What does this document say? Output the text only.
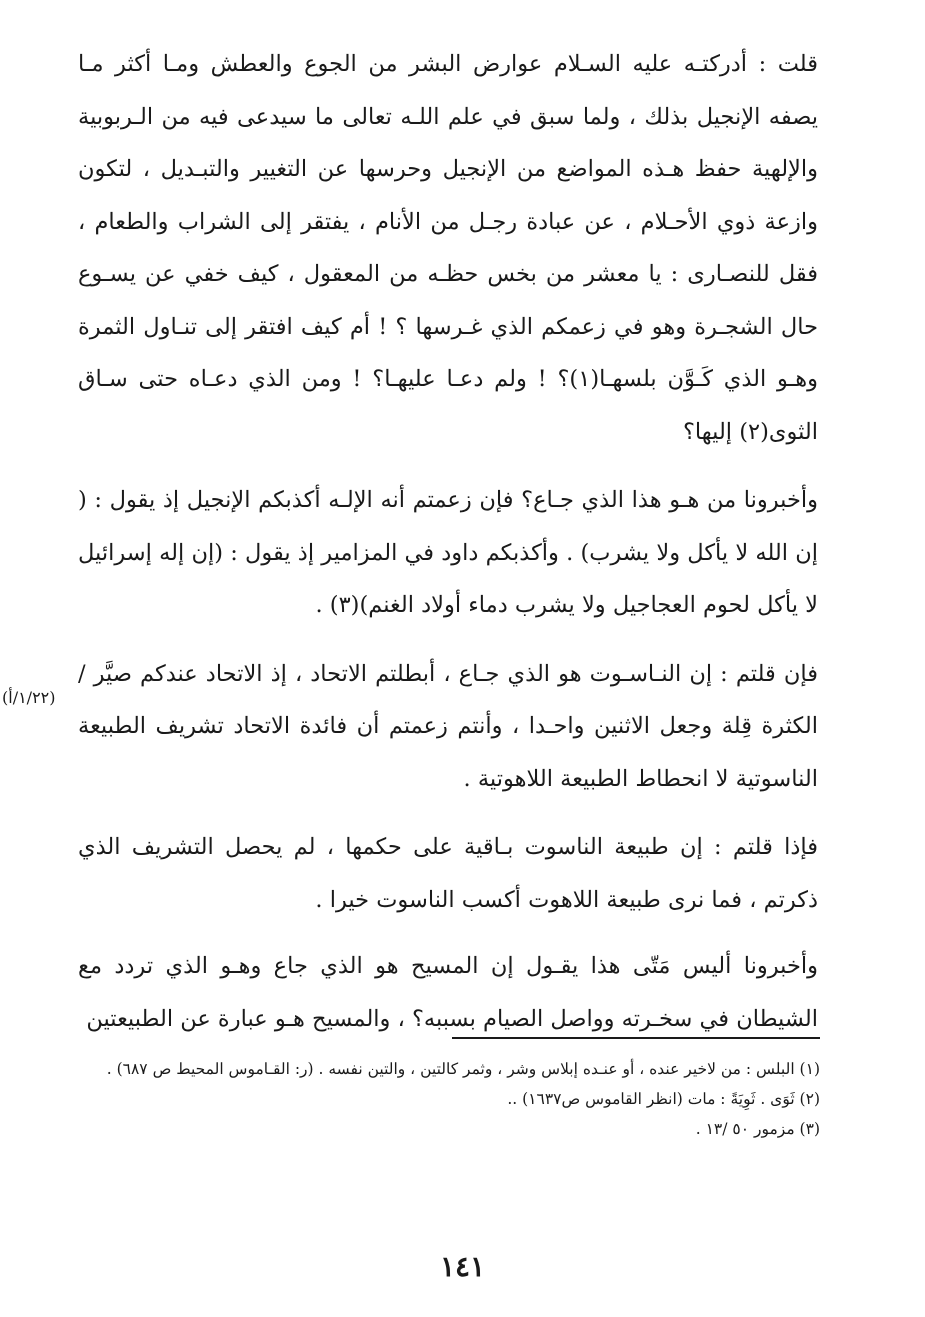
قلت : أدركتـه عليه السـلام عوارض البشر من الجوع والعطش ومـا أكثر مـا يصفه الإنجيل بذلك ، ولما سبق في علم اللـه تعالى ما سيدعى فيه من الـربوبية والإلهية حفظ هـذه المواضع من الإنجيل وحرسها عن التغيير والتبـديل ، لتكون وازعة ذوي الأحـلام ، عن عبادة رجـل من الأنام ، يفتقر إلى الشراب والطعام ، فقل للنصـارى : يا معشر من بخس حظـه من المعقول ، كيف خفي عن يسـوع حال الشجـرة وهو في زعمكم الذي غـرسها ؟ ! أم كيف افتقر إلى تنـاول الثمرة وهـو الذي كَـوَّن بلسهـا(١)؟ ! ولم دعـا عليهـا؟ ! ومن الذي دعـاه حتى سـاق الثوى(٢) إليها؟

وأخبرونا من هـو هذا الذي جـاع؟ فإن زعمتم أنه الإلـه أكذبكم الإنجيل إذ يقول : ( إن الله لا يأكل ولا يشرب) . وأكذبكم داود في المزامير إذ يقول : (إن إله إسرائيل لا يأكل لحوم العجاجيل ولا يشرب دماء أولاد الغنم)(٣) .

فإن قلتم : إن النـاسـوت هو الذي جـاع ، أبطلتم الاتحاد ، إذ الاتحاد عندكم صيَّر / الكثرة قِلة وجعل الاثنين واحـدا ، وأنتم زعمتم أن فائدة الاتحاد تشريف الطبيعة الناسوتية لا انحطاط الطبيعة اللاهوتية .

فإذا قلتم : إن طبيعة الناسوت بـاقية على حكمها ، لم يحصل التشريف الذي ذكرتم ، فما نرى طبيعة اللاهوت أكسب الناسوت خيرا .

وأخبرونا أليس مَتّى هذا يقـول إن المسيح هو الذي جاع وهـو الذي تردد مع الشيطان في سخـرته وواصل الصيام بسببه؟ ، والمسيح هـو عبارة عن الطبيعتين

(١/٢٢/أ)

(١) البلس : من لاخير عنده ، أو عنـده إبلاس وشر ، وثمر كالتين ، والتين نفسه . (ر: القـاموس المحيط ص ٦٨٧) .

(٢) ثَوَى . ثَوِيَةً : مات (انظر القاموس ص١٦٣٧) ..

(٣) مزمور ٥٠ /١٣ .

١٤١
